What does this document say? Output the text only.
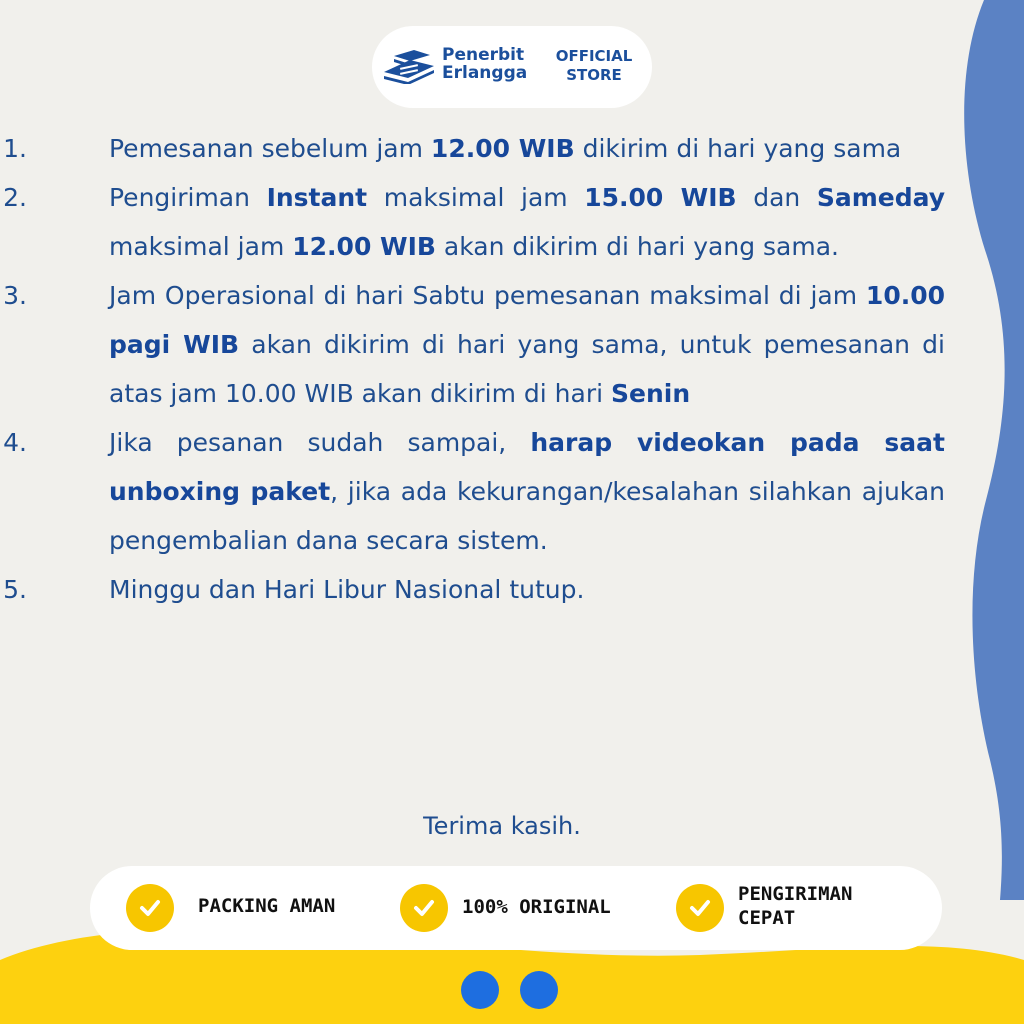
Penerbit
Erlangga
OFFICIAL
STORE
1.	Pemesanan sebelum jam 12.00 WIB dikirim di hari yang sama
2.	Pengiriman Instant maksimal jam 15.00 WIB dan Sameday maksimal jam 12.00 WIB akan dikirim di hari yang sama.
3.	Jam Operasional di hari Sabtu pemesanan maksimal di jam 10.00 pagi WIB akan dikirim di hari yang sama, untuk pemesanan di atas jam 10.00 WIB akan dikirim di hari Senin
4.	Jika pesanan sudah sampai, harap videokan pada saat unboxing paket, jika ada kekurangan/kesalahan silahkan ajukan pengembalian dana secara sistem.
5.	Minggu dan Hari Libur Nasional tutup.
Terima kasih.
PACKING AMAN	100% ORIGINAL
PENGIRIMAN
CEPAT
